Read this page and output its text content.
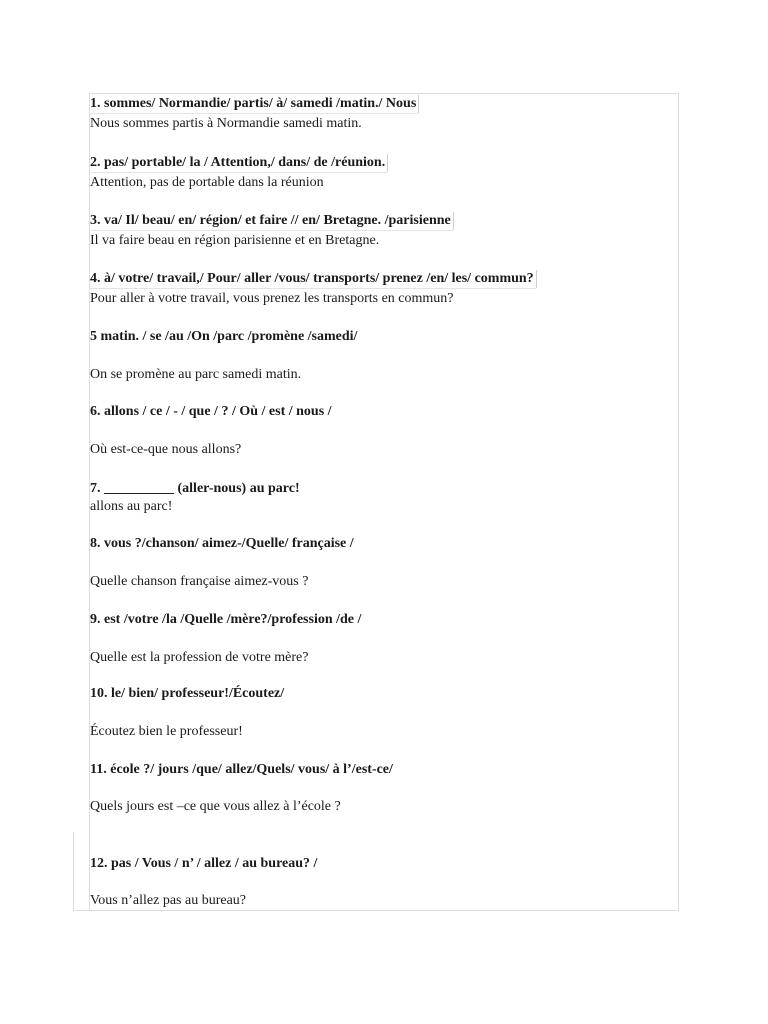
1. sommes/ Normandie/ partis/ à/ samedi /matin./ Nous
Nous sommes partis à Normandie samedi matin.
2. pas/ portable/ la / Attention,/ dans/ de /réunion.
Attention, pas de portable dans la réunion
3. va/ Il/ beau/ en/ région/ et faire // en/ Bretagne. /parisienne
Il va faire beau en région parisienne et en Bretagne.
4. à/ votre/ travail,/ Pour/ aller /vous/ transports/ prenez /en/ les/ commun?
Pour aller à votre travail, vous prenez les transports en commun?
5 matin. / se /au /On /parc /promène /samedi/
On se promène au parc samedi matin.
6. allons / ce / - / que / ? / Où / est / nous /
Où est-ce-que nous allons?
7. __________ (aller-nous) au parc!
allons au parc!
8. vous ?/chanson/ aimez-/Quelle/ française /
Quelle chanson française aimez-vous ?
9. est /votre /la /Quelle /mère?/profession /de /
Quelle est la profession de votre mère?
10. le/ bien/ professeur!/Écoutez/
Écoutez bien le professeur!
11. école ?/ jours /que/ allez/Quels/ vous/ à l’/est-ce/
Quels jours est –ce que vous allez à l’école ?
12. pas / Vous / n’ / allez / au bureau? /
Vous n’allez pas au bureau?
